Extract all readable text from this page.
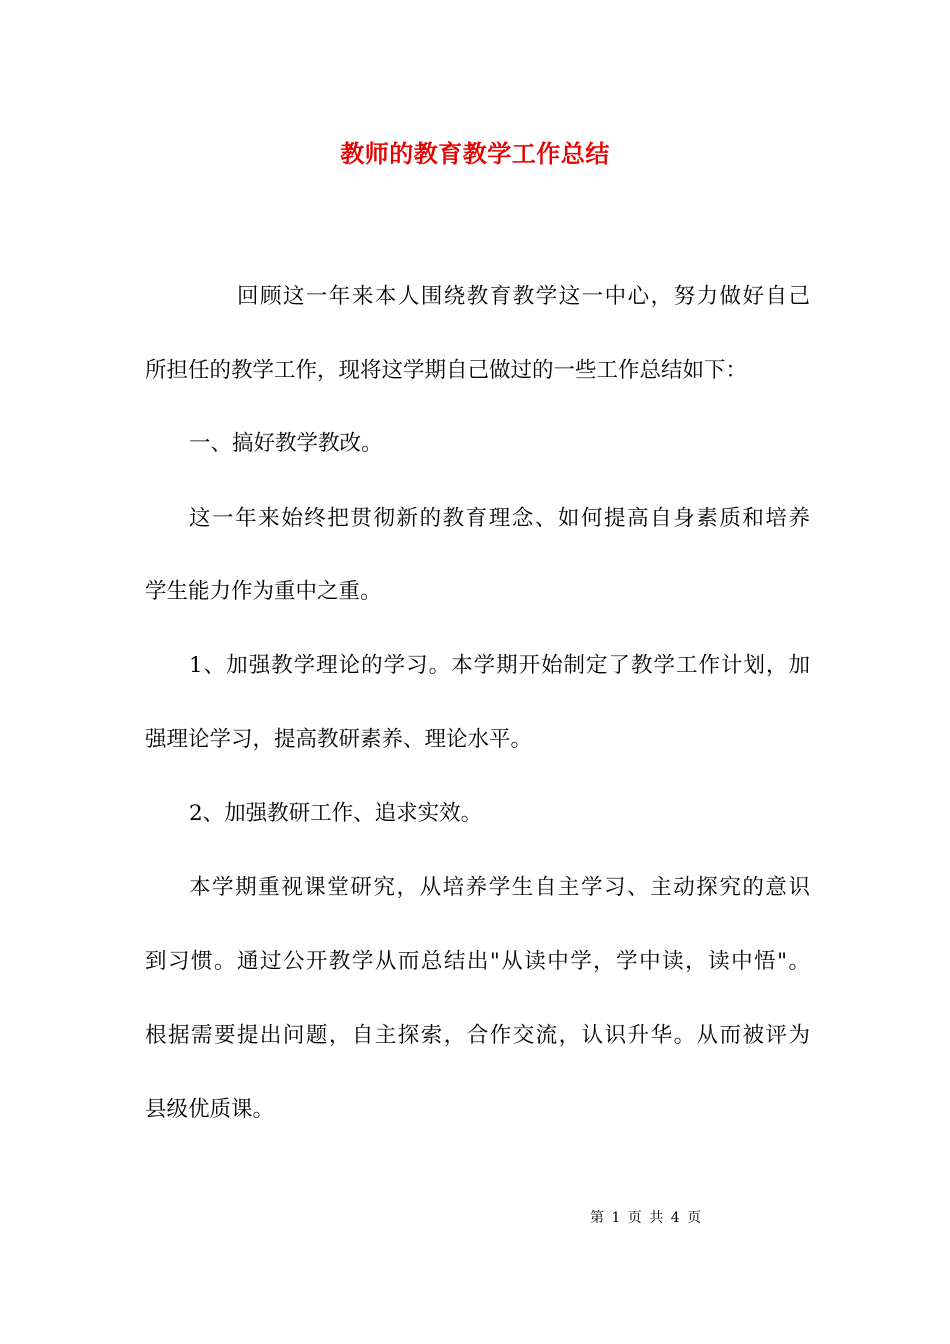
教师的教育教学工作总结
回顾这一年来本人围绕教育教学这一中心，努力做好自己
所担任的教学工作，现将这学期自己做过的一些工作总结如下：
一、搞好教学教改。
这一年来始终把贯彻新的教育理念、如何提高自身素质和培养
学生能力作为重中之重。
1、加强教学理论的学习。本学期开始制定了教学工作计划，加
强理论学习，提高教研素养、理论水平。
2、加强教研工作、追求实效。
本学期重视课堂研究，从培养学生自主学习、主动探究的意识
到习惯。通过公开教学从而总结出"从读中学，学中读，读中悟"。
根据需要提出问题，自主探索，合作交流，认识升华。从而被评为
县级优质课。
第 1 页 共 4 页
